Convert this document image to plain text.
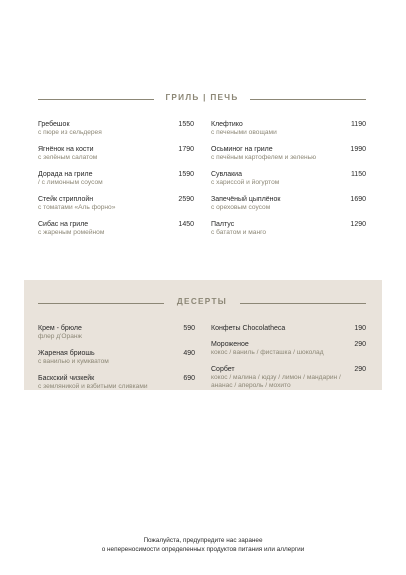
ГРИЛЬ | ПЕЧЬ
Гребешок
с пюре из сельдерея
1550
Ягнёнок на кости
с зелёным салатом
1790
Дорада на гриле
/ с лимонным соусом
1590
Стейк стриплойн
с томатами «Аль форно»
2590
Сибас на гриле
с жареным ромейном
1450
Клефтико
с печеными овощами
1190
Осьминог на гриле
с печёным картофелем и зеленью
1990
Сувлакиа
с харисcой и йогуртом
1150
Запечёный цыплёнок
с ореховым соусом
1690
Палтус
с бататом и манго
1290
ДЕСЕРТЫ
Крем - брюле
флер д'Оранж
590
Жареная бриошь
с ванилью и кумкватом
490
Баскский чизкейк
с земляникой и взбитыми сливками
690
Конфеты Chocolatheca	190
Мороженое
кокос / ваниль / фисташка / шоколад
290
Сорбет
кокос / малина / юдзу / лимон / мандарин / ананас / апероль / мохито
290
Пожалуйста, предупредите нас заранее
о непереносимости определенных продуктов питания или аллергии
